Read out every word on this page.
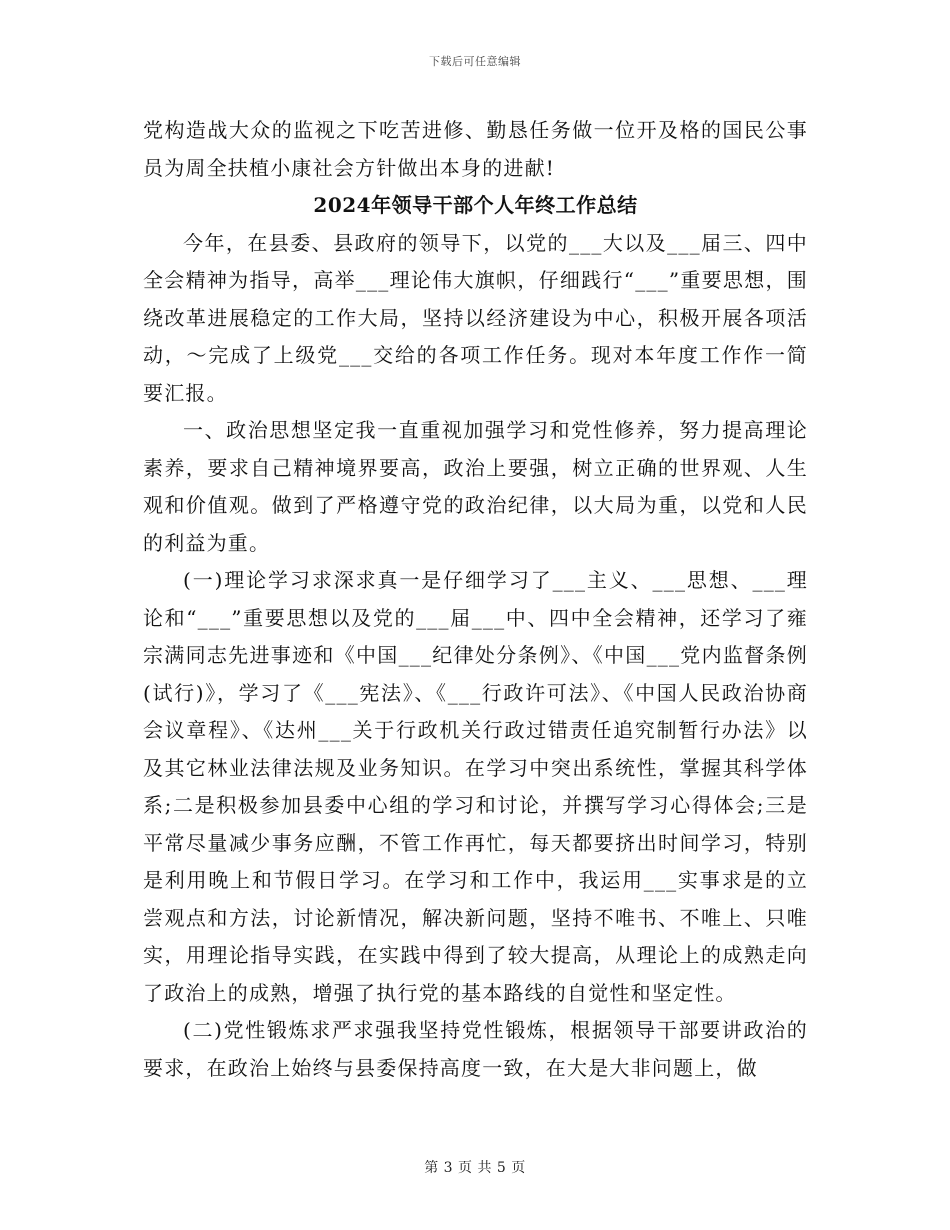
下载后可任意编辑

党构造战大众的监视之下吃苦进修、勤恳任务做一位开及格的国民公事员为周全扶植小康社会方针做出本身的进献!

2024年领导干部个人年终工作总结

今年，在县委、县政府的领导下，以党的___大以及___届三、四中全会精神为指导，高举___理论伟大旗帜，仔细践行“___”重要思想，围绕改革进展稳定的工作大局，坚持以经济建设为中心，积极开展各项活动，～完成了上级党___交给的各项工作任务。现对本年度工作作一简要汇报。

一、政治思想坚定我一直重视加强学习和党性修养，努力提高理论素养，要求自己精神境界要高，政治上要强，树立正确的世界观、人生观和价值观。做到了严格遵守党的政治纪律，以大局为重，以党和人民的利益为重。

(一)理论学习求深求真一是仔细学习了___主义、___思想、___理论和“___”重要思想以及党的___届___中、四中全会精神，还学习了雍宗满同志先进事迹和《中国___纪律处分条例》、《中国___党内监督条例(试行)》，学习了《___宪法》、《___行政许可法》、《中国人民政治协商会议章程》、《达州___关于行政机关行政过错责任追究制暂行办法》以及其它林业法律法规及业务知识。在学习中突出系统性，掌握其科学体系;二是积极参加县委中心组的学习和讨论，并撰写学习心得体会;三是平常尽量减少事务应酬，不管工作再忙，每天都要挤出时间学习，特别是利用晚上和节假日学习。在学习和工作中，我运用___实事求是的立尝观点和方法，讨论新情况，解决新问题，坚持不唯书、不唯上、只唯实，用理论指导实践，在实践中得到了较大提高，从理论上的成熟走向了政治上的成熟，增强了执行党的基本路线的自觉性和坚定性。

(二)党性锻炼求严求强我坚持党性锻炼，根据领导干部要讲政治的要求，在政治上始终与县委保持高度一致，在大是大非问题上，做

第 3 页 共 5 页
